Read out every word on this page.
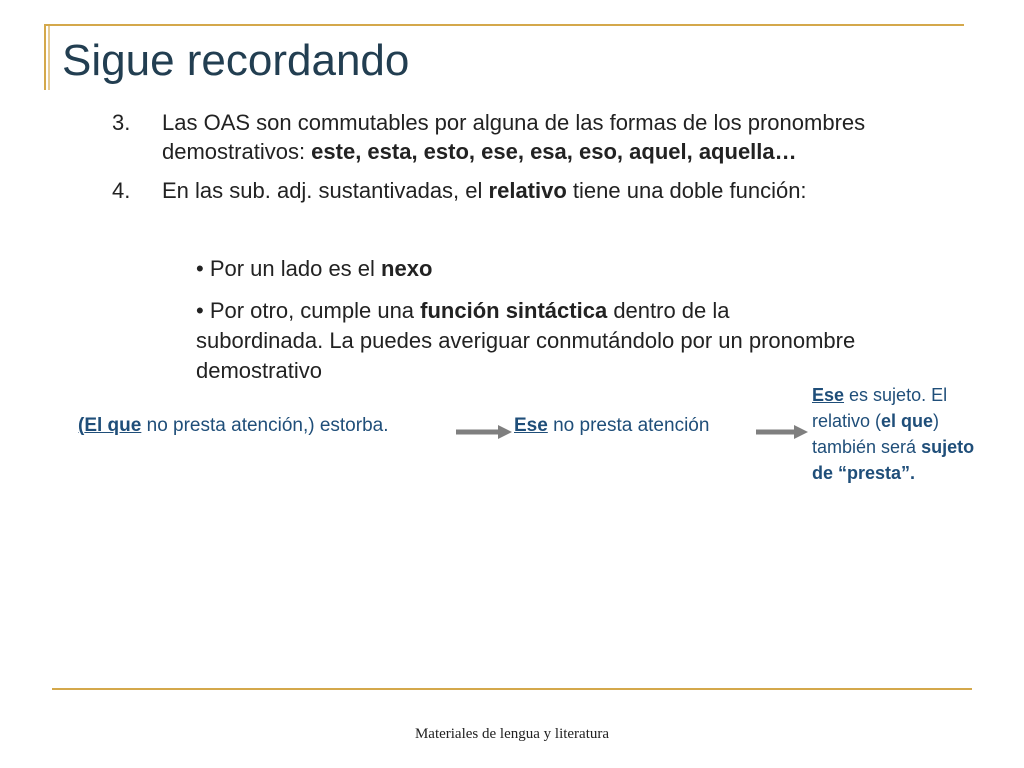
Sigue recordando
3.	Las OAS son commutables por alguna de las formas de los pronombres demostrativos: este, esta, esto, ese, esa, eso, aquel, aquella…
4.	En las sub. adj. sustantivadas, el relativo tiene una doble función:
• Por un lado es el nexo
• Por otro, cumple una función sintáctica dentro de la subordinada. La puedes averiguar conmutándolo por un pronombre demostrativo
(El que no presta atención,) estorba.	Ese no presta atención
Ese es sujeto. El relativo (el que) también será sujeto de “presta”.
Materiales de lengua y literatura
